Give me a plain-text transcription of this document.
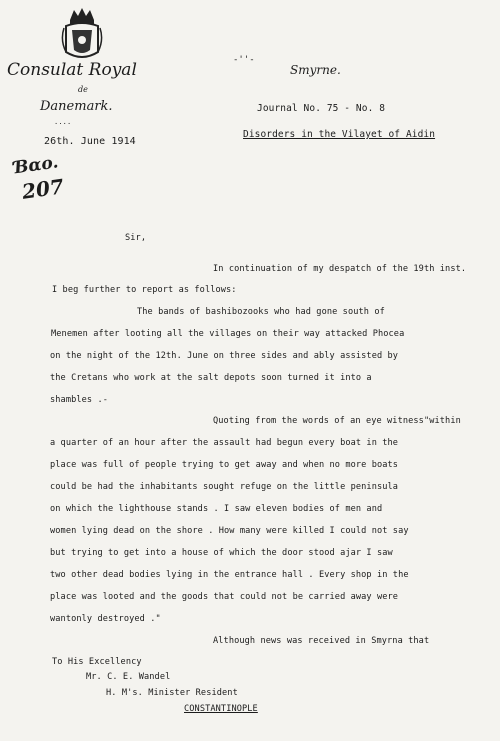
Consulat Royal
de
Danemark.
....
26th. June 1914
-''-
Smyrne.
Journal No. 75 - No. 8
Disorders in the Vilayet of Aidin
Ɓαo.
207
Sir,
In continuation of my despatch of the 19th inst.
I beg further to report as follows:
The bands of bashibozooks who had gone south of
Menemen after looting all the villages on their way attacked Phocea
on the night of the 12th. June on three sides and ably assisted by
the Cretans who work at the salt depots soon turned it into a
shambles .-
Quoting from the words of an eye witness"within
a quarter of an hour after the assault had begun every boat in the
place was full of people trying to get away and when no more boats
could be had the inhabitants sought refuge on the little peninsula
on which the lighthouse stands . I saw eleven bodies of men and
women lying dead on the shore . How many were killed I could not say
but trying to get into a house of which the door stood ajar I saw
two other dead bodies lying in the entrance hall . Every shop in the
place was looted and the goods that could not be carried away were
wantonly destroyed ."
Although news was received in Smyrna that
To His Excellency
Mr. C. E. Wandel
H. M's. Minister Resident
CONSTANTINOPLE
